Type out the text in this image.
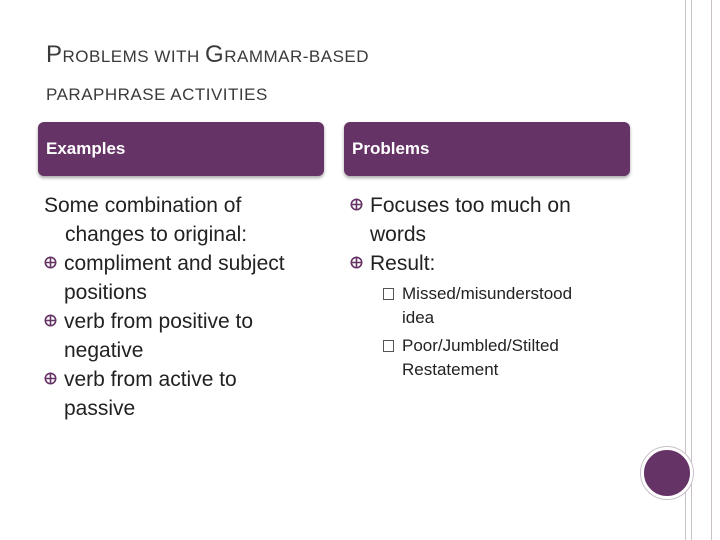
PROBLEMS WITH GRAMMAR-BASED
PARAPHRASE ACTIVITIES
Examples	Problems
Some combination of
changes to original:
compliment and subject
positions
verb from positive to
negative
verb from active to
passive
Focuses too much on
words
Result:
Missed/misunderstood
idea
Poor/Jumbled/Stilted
Restatement
